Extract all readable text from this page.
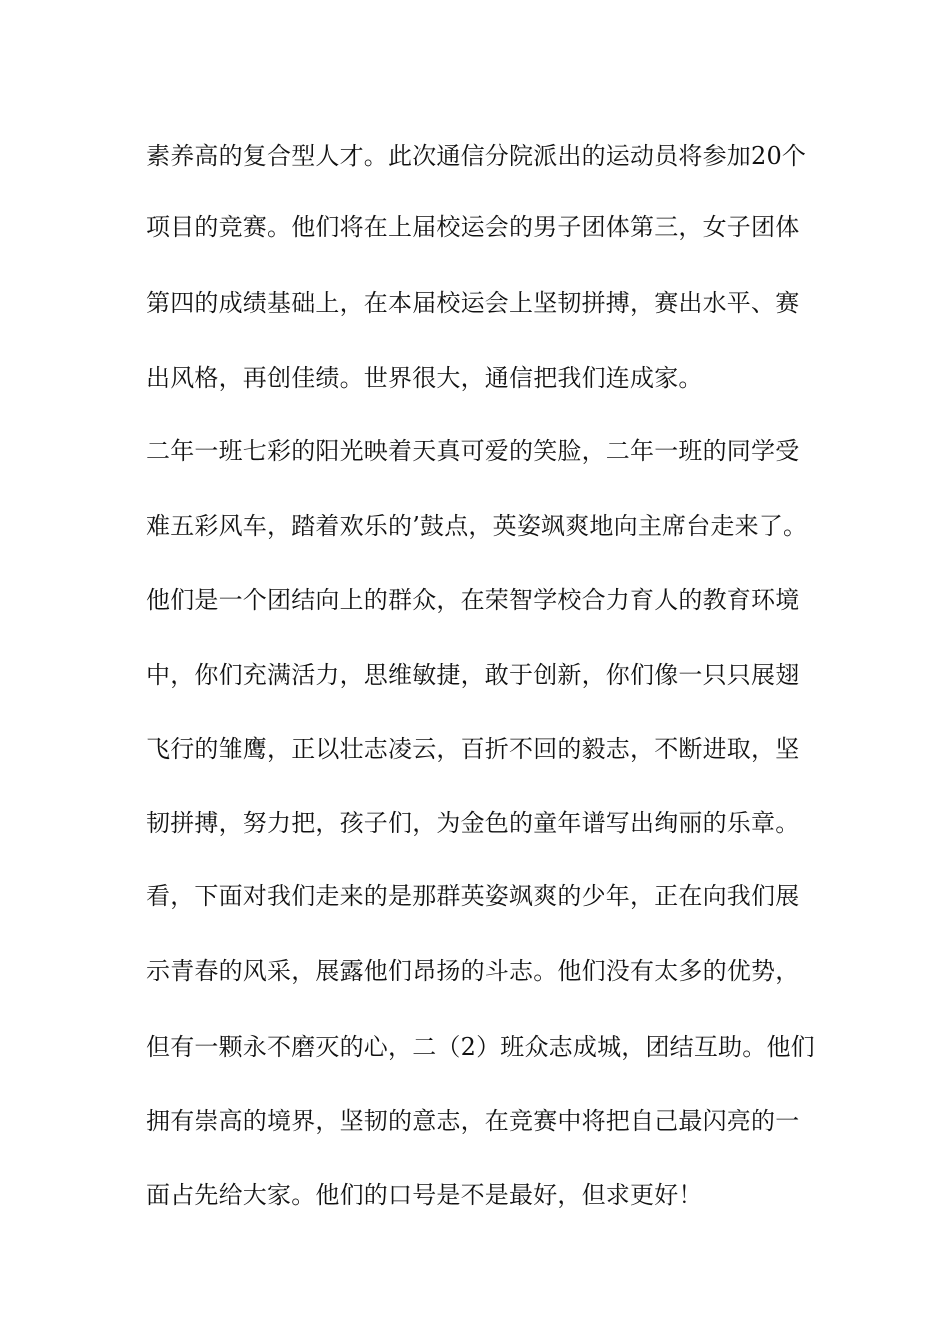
素养高的复合型人才。此次通信分院派出的运动员将参加20个
项目的竞赛。他们将在上届校运会的男子团体第三，女子团体
第四的成绩基础上，在本届校运会上坚韧拼搏，赛出水平、赛
出风格，再创佳绩。世界很大，通信把我们连成家。
二年一班七彩的阳光映着天真可爱的笑脸，二年一班的同学受
难五彩风车，踏着欢乐的’鼓点，英姿飒爽地向主席台走来了。
他们是一个团结向上的群众，在荣智学校合力育人的教育环境
中，你们充满活力，思维敏捷，敢于创新，你们像一只只展翅
飞行的雏鹰，正以壮志凌云，百折不回的毅志，不断进取，坚
韧拼搏，努力把，孩子们，为金色的童年谱写出绚丽的乐章。
看，下面对我们走来的是那群英姿飒爽的少年，正在向我们展
示青春的风采，展露他们昂扬的斗志。他们没有太多的优势，
但有一颗永不磨灭的心，二（2）班众志成城，团结互助。他们
拥有崇高的境界，坚韧的意志，在竞赛中将把自己最闪亮的一
面占先给大家。他们的口号是不是最好，但求更好！
